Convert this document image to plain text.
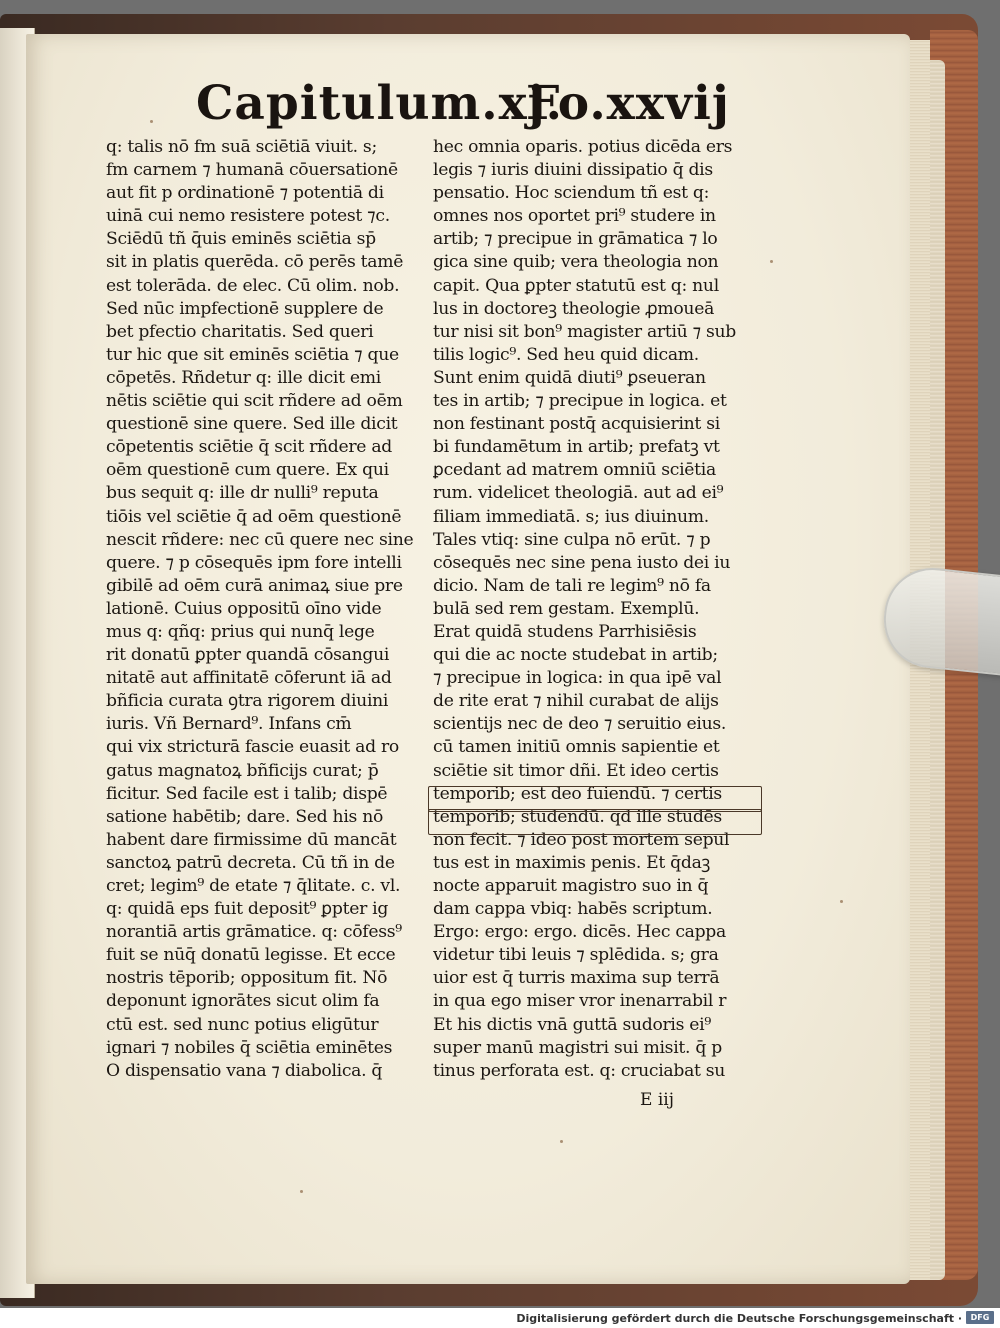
Capitulum.xj.
Fo.xxvij
q: talis nō fm suā sciētiā viuit. s;
fm carnem ⁊ humanā cōuersationē
aut fit p ordinationē ⁊ potentiā di
uinā cui nemo resistere potest ⁊c.
Sciēdū tñ q̄uis eminēs sciētia sp̄
sit in platis querēda. cō perēs tamē
est tolerāda. de elec. Cū olim. nob.
Sed nūc impfectionē supplere de
bet pfectio charitatis. Sed queri
tur hic que sit eminēs sciētia ⁊ que
cōpetēs. Rñdetur q: ille dicit emi
nētis sciētie qui scit rñdere ad oēm
questionē sine quere. Sed ille dicit
cōpetentis sciētie q̄ scit rñdere ad
oēm questionē cum quere. Ex qui
bus sequit q: ille dr nulli⁹ reputa
tiōis vel sciētie q̄ ad oēm questionē
nescit rñdere: nec cū quere nec sine
quere. ⁊ p cōsequēs ipm fore intelli
gibilē ad oēm curā animaꝝ siue pre
lationē. Cuius oppositū oīno vide
mus q: qñq: prius qui nunq̄ lege
rit donatū ꝑpter quandā cōsangui
nitatē aut affinitatē cōferunt iā ad
bñficia curata ꝯtra rigorem diuini
iuris. Vñ Bernard⁹. Infans cm̄
qui vix stricturā fascie euasit ad ro
gatus magnatoꝝ bñficijs curat; p̄
ficitur. Sed facile est i talib; dispē
satione habētib; dare. Sed his nō
habent dare firmissime dū mancāt
sanctoꝝ patrū decreta. Cū tñ in de
cret; legim⁹ de etate ⁊ q̄litate. c. vl.
q: quidā eps fuit deposit⁹ ꝑpter ig
norantiā artis grāmatice. q: cōfess⁹
fuit se nūq̄ donatū legisse. Et ecce
nostris tēporib; oppositum fit. Nō
deponunt ignorātes sicut olim fa
ctū est. sed nunc potius eligūtur
ignari ⁊ nobiles q̄ sciētia eminētes
O dispensatio vana ⁊ diabolica. q̄
hec omnia oparis. potius dicēda ers
legis ⁊ iuris diuini dissipatio q̄ dis
pensatio. Hoc sciendum tñ est q:
omnes nos oportet pri⁹ studere in
artib; ⁊ precipue in grāmatica ⁊ lo
gica sine quib; vera theologia non
capit. Qua ꝑpter statutū est q: nul
lus in doctoreꝫ theologie ꝓmoueā
tur nisi sit bon⁹ magister artiū ⁊ sub
tilis logic⁹. Sed heu quid dicam.
Sunt enim quidā diuti⁹ ꝑseueran
tes in artib; ⁊ precipue in logica. et
non festinant postq̄ acquisierint si
bi fundamētum in artib; prefatꝫ vt
ꝑcedant ad matrem omniū sciētia
rum. videlicet theologiā. aut ad ei⁹
filiam immediatā. s; ius diuinum.
Tales vtiq: sine culpa nō erūt. ⁊ p
cōsequēs nec sine pena iusto dei iu
dicio. Nam de tali re legim⁹ nō fa
bulā sed rem gestam. Exemplū.
Erat quidā studens Parrhisiēsis
qui die ac nocte studebat in artib;
⁊ precipue in logica: in qua ipē val
de rite erat ⁊ nihil curabat de alijs
scientijs nec de deo ⁊ seruitio eius.
cū tamen initiū omnis sapientie et
sciētie sit timor dñi. Et ideo certis
temporib; est deo fuiendū. ⁊ certis
temporib; studendū. qd ille studēs
non fecit. ⁊ ideo post mortem sepul
tus est in maximis penis. Et q̄daꝫ
nocte apparuit magistro suo in q̄
dam cappa vbiq: habēs scriptum.
Ergo: ergo: ergo. dicēs. Hec cappa
videtur tibi leuis ⁊ splēdida. s; gra
uior est q̄ turris maxima sup terrā
in qua ego miser vror inenarrabil r
Et his dictis vnā guttā sudoris ei⁹
super manū magistri sui misit. q̄ p
tinus perforata est. q: cruciabat su
E iij
Digitalisierung gefördert durch die Deutsche Forschungsgemeinschaft ·	DFG
